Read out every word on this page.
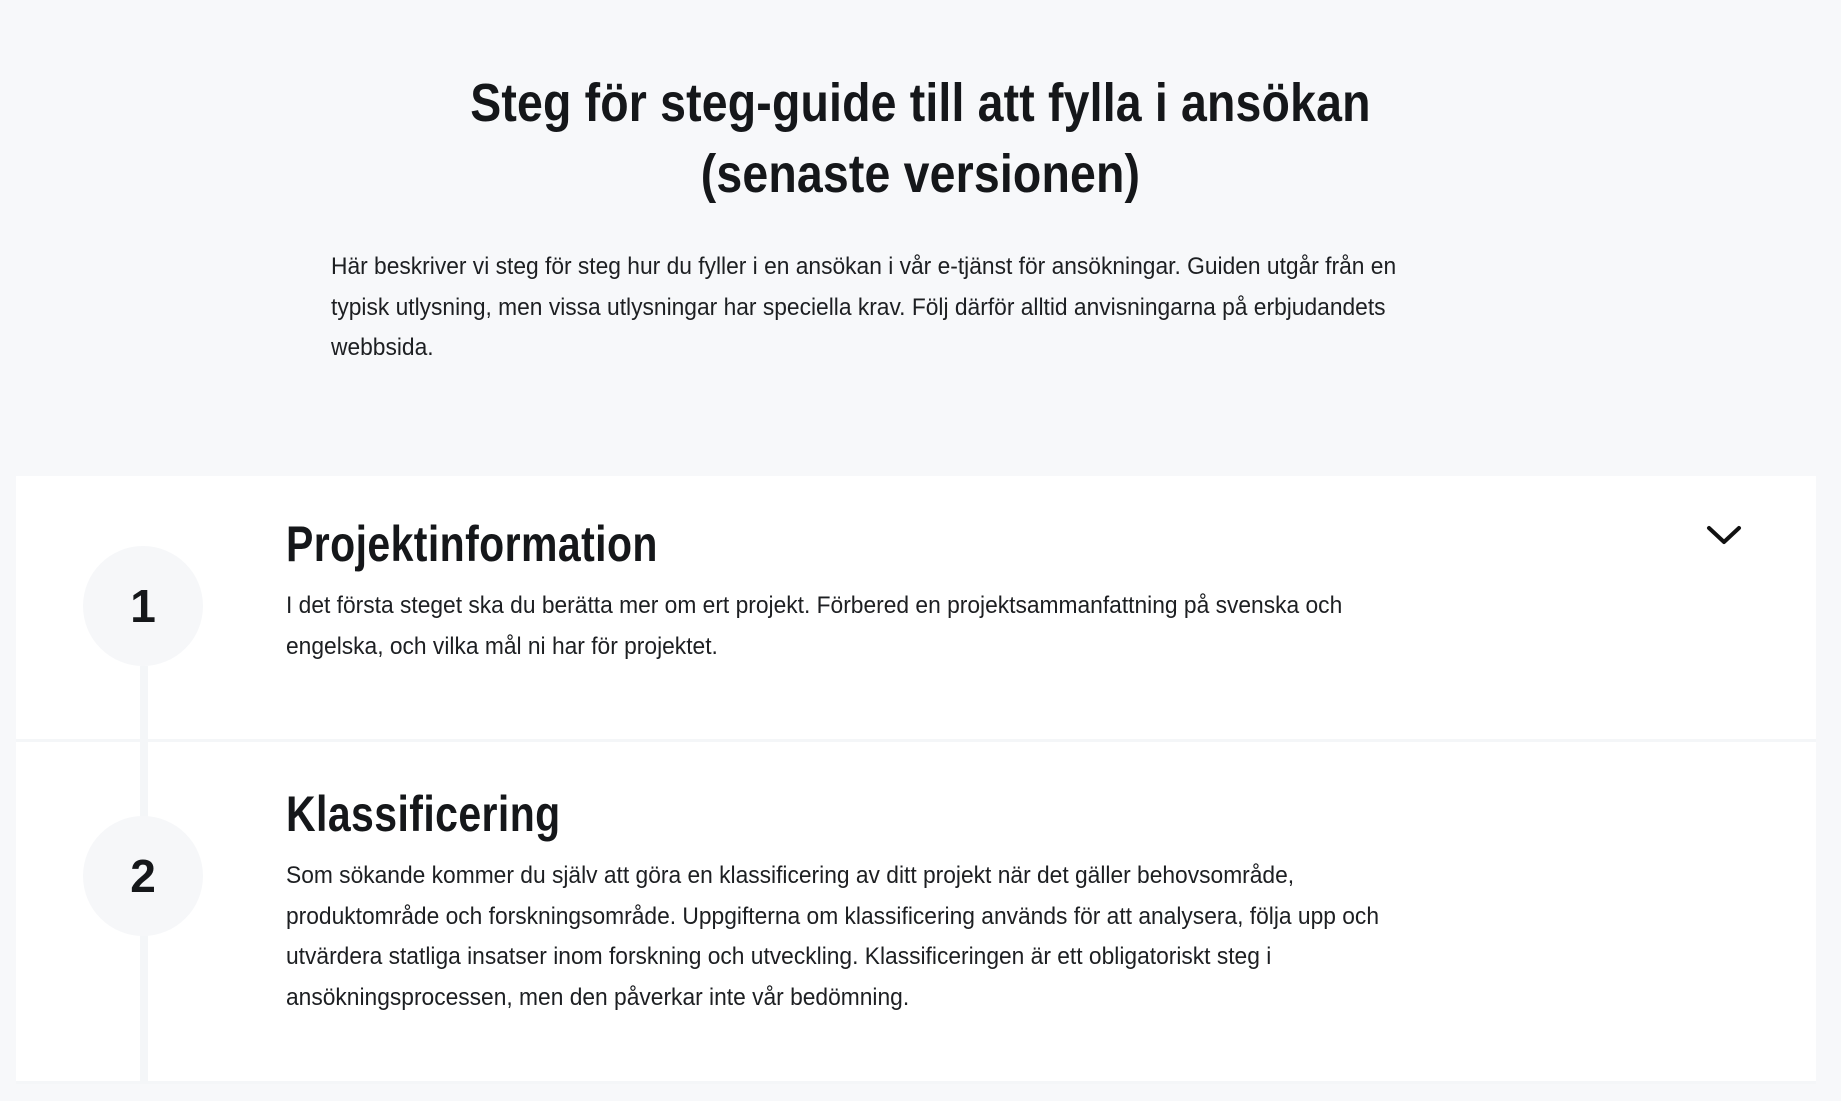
Steg för steg-guide till att fylla i ansökan
(senaste versionen)

Här beskriver vi steg för steg hur du fyller i en ansökan i vår e-tjänst för ansökningar. Guiden utgår från en typisk utlysning, men vissa utlysningar har speciella krav. Följ därför alltid anvisningarna på erbjudandets webbsida.

1
Projektinformation

I det första steget ska du berätta mer om ert projekt. Förbered en projektsammanfattning på svenska och engelska, och vilka mål ni har för projektet.

2
Klassificering

Som sökande kommer du själv att göra en klassificering av ditt projekt när det gäller behovsområde, produktområde och forskningsområde. Uppgifterna om klassificering används för att analysera, följa upp och utvärdera statliga insatser inom forskning och utveckling. Klassificeringen är ett obligatoriskt steg i ansökningsprocessen, men den påverkar inte vår bedömning.
